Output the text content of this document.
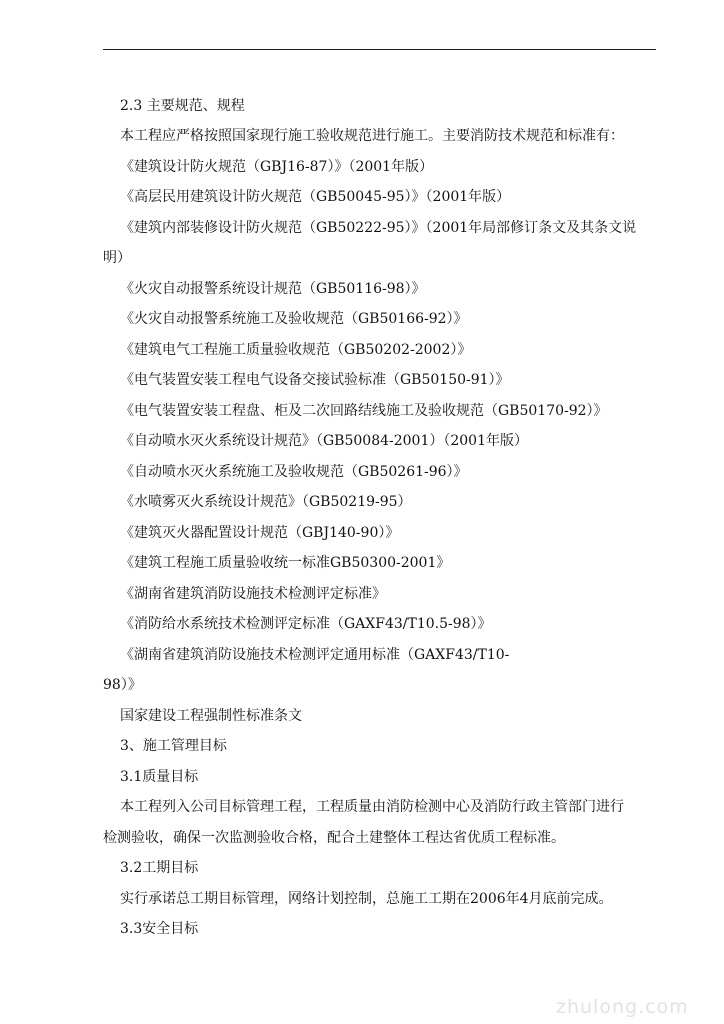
2.3 主要规范、规程
本工程应严格按照国家现行施工验收规范进行施工。主要消防技术规范和标准有：
《建筑设计防火规范（GBJ16-87）》（2001年版）
《高层民用建筑设计防火规范（GB50045-95）》（2001年版）
《建筑内部装修设计防火规范（GB50222-95）》（2001年局部修订条文及其条文说
明）
《火灾自动报警系统设计规范（GB50116-98）》
《火灾自动报警系统施工及验收规范（GB50166-92）》
《建筑电气工程施工质量验收规范（GB50202-2002）》
《电气装置安装工程电气设备交接试验标准（GB50150-91）》
《电气装置安装工程盘、柜及二次回路结线施工及验收规范（GB50170-92）》
《自动喷水灭火系统设计规范》（GB50084-2001）（2001年版）
《自动喷水灭火系统施工及验收规范（GB50261-96）》
《水喷雾灭火系统设计规范》（GB50219-95）
《建筑灭火器配置设计规范（GBJ140-90）》
《建筑工程施工质量验收统一标准GB50300-2001》
《湖南省建筑消防设施技术检测评定标准》
《消防给水系统技术检测评定标准（GAXF43/T10.5-98）》
《湖南省建筑消防设施技术检测评定通用标准（GAXF43/T10-
98）》
国家建设工程强制性标准条文
3、施工管理目标
3.1质量目标
本工程列入公司目标管理工程，工程质量由消防检测中心及消防行政主管部门进行
检测验收，确保一次监测验收合格，配合土建整体工程达省优质工程标准。
3.2工期目标
实行承诺总工期目标管理，网络计划控制，总施工工期在2006年4月底前完成。
3.3安全目标
zhulong.com
